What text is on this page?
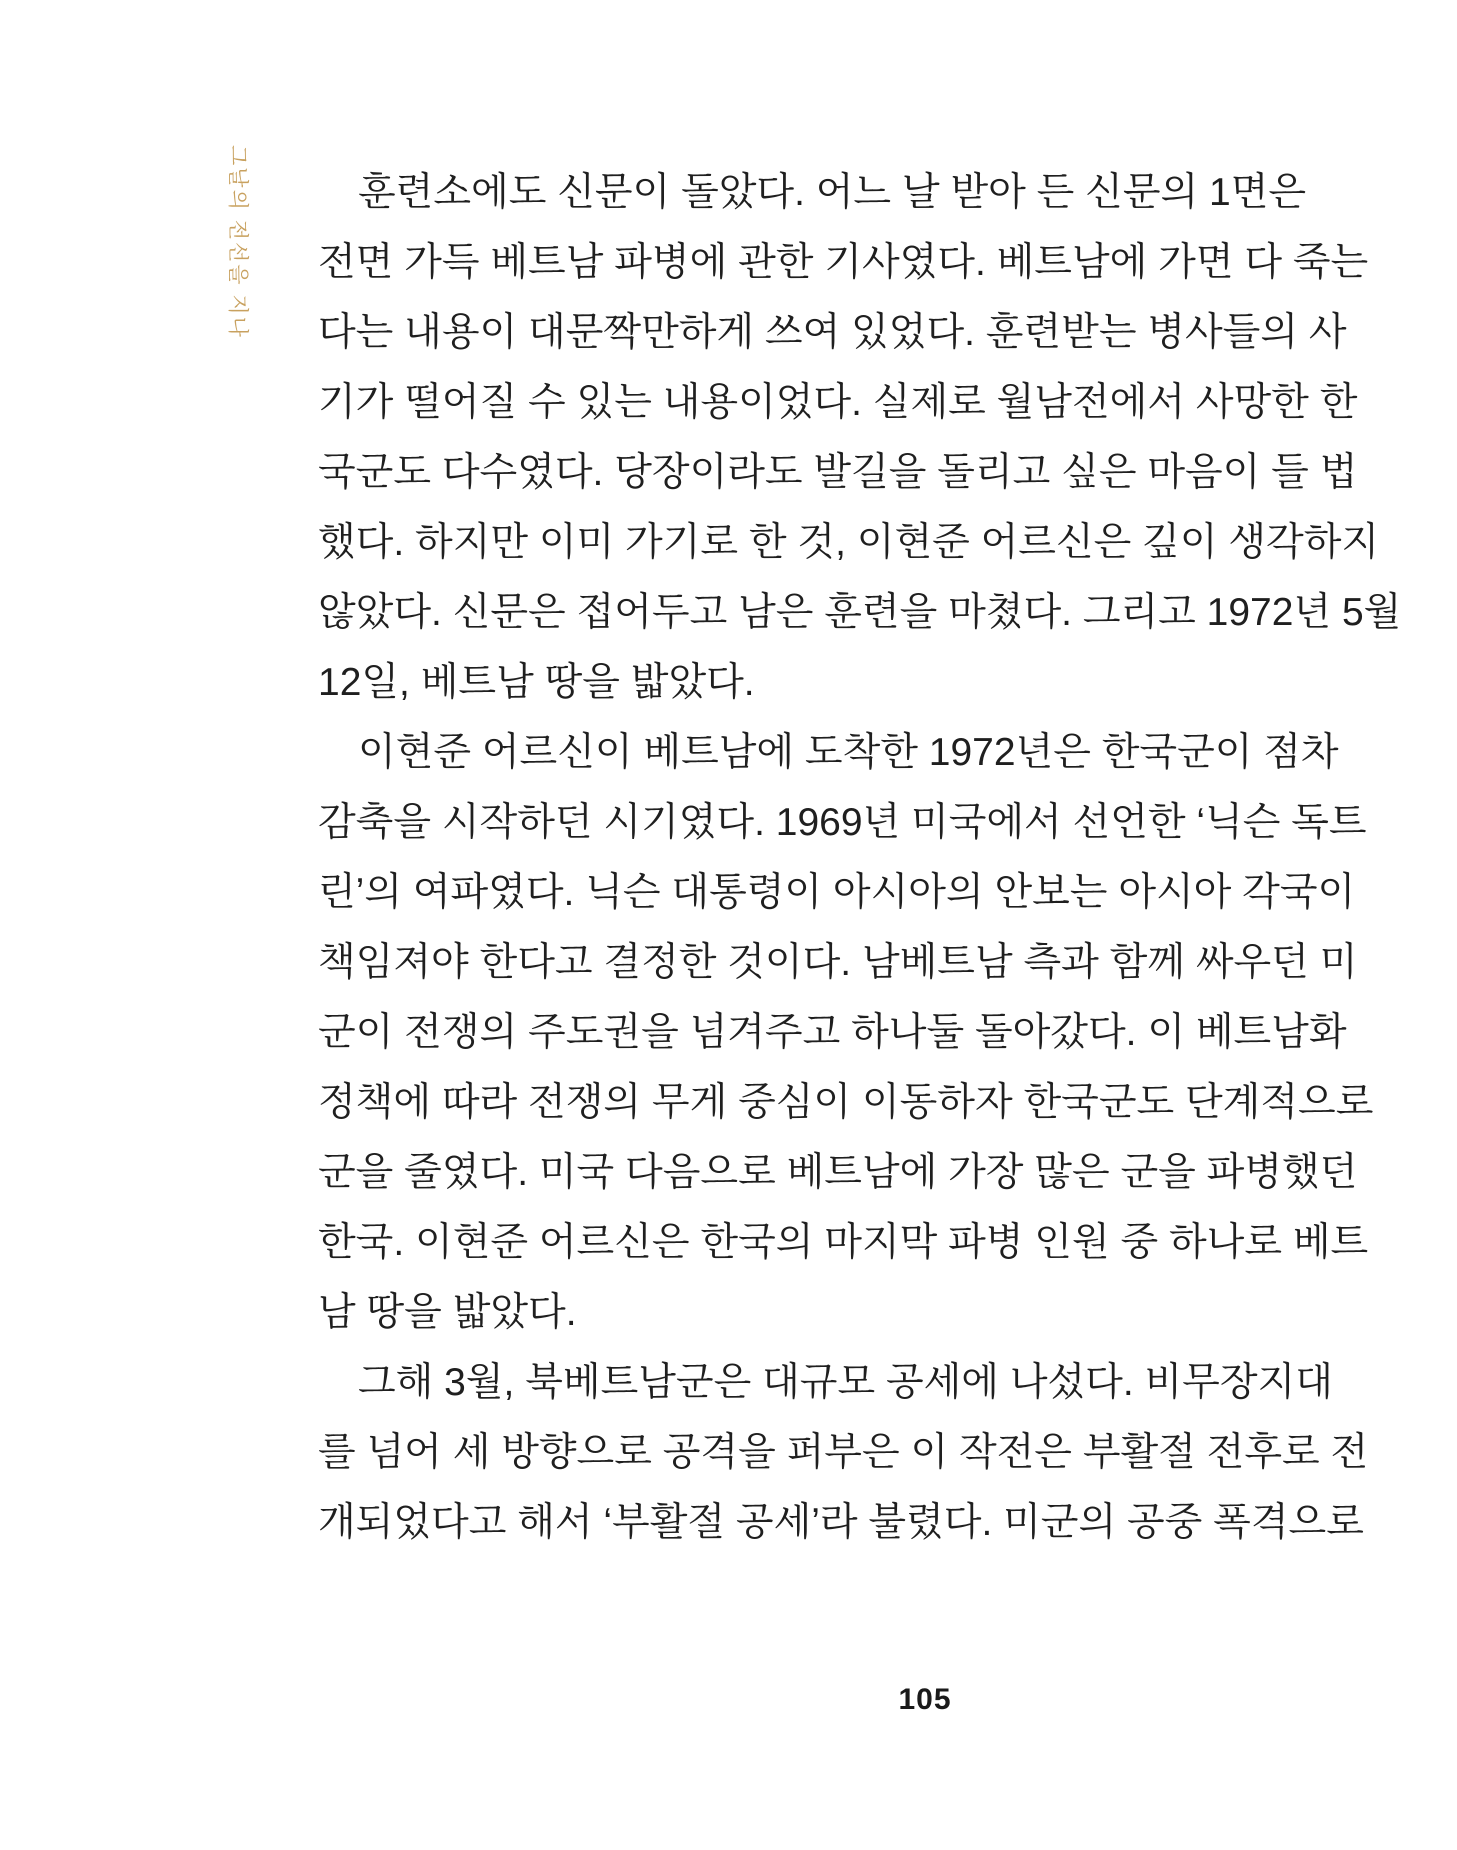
그날의 전선을 지나	훈련소에도 신문이 돌았다. 어느 날 받아 든 신문의 1면은
전면 가득 베트남 파병에 관한 기사였다. 베트남에 가면 다 죽는
다는 내용이 대문짝만하게 쓰여 있었다. 훈련받는 병사들의 사
기가 떨어질 수 있는 내용이었다. 실제로 월남전에서 사망한 한
국군도 다수였다. 당장이라도 발길을 돌리고 싶은 마음이 들 법
했다. 하지만 이미 가기로 한 것, 이현준 어르신은 깊이 생각하지
않았다. 신문은 접어두고 남은 훈련을 마쳤다. 그리고 1972년 5월
12일, 베트남 땅을 밟았다.
이현준 어르신이 베트남에 도착한 1972년은 한국군이 점차
감축을 시작하던 시기였다. 1969년 미국에서 선언한 ‘닉슨 독트
린’의 여파였다. 닉슨 대통령이 아시아의 안보는 아시아 각국이
책임져야 한다고 결정한 것이다. 남베트남 측과 함께 싸우던 미
군이 전쟁의 주도권을 넘겨주고 하나둘 돌아갔다. 이 베트남화
정책에 따라 전쟁의 무게 중심이 이동하자 한국군도 단계적으로
군을 줄였다. 미국 다음으로 베트남에 가장 많은 군을 파병했던
한국. 이현준 어르신은 한국의 마지막 파병 인원 중 하나로 베트
남 땅을 밟았다.
그해 3월, 북베트남군은 대규모 공세에 나섰다. 비무장지대
를 넘어 세 방향으로 공격을 퍼부은 이 작전은 부활절 전후로 전
개되었다고 해서 ‘부활절 공세’라 불렸다. 미군의 공중 폭격으로
105
